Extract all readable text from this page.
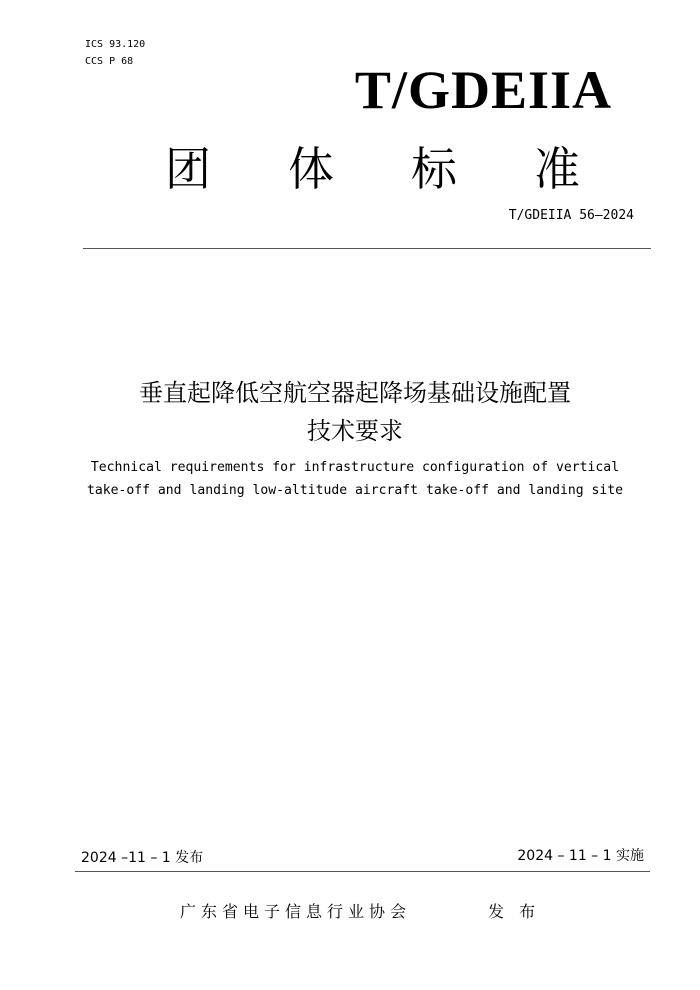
ICS 93.120
CCS P 68	T/GDEIIA
团 体 标 准
T/GDEIIA 56—2024
垂直起降低空航空器起降场基础设施配置
技术要求
Technical requirements for infrastructure configuration of vertical
take-off and landing low-altitude aircraft take-off and landing site
2024 –11 – 1 发布	2024 – 11 – 1 实施
广东省电子信息行业协会	发 布
